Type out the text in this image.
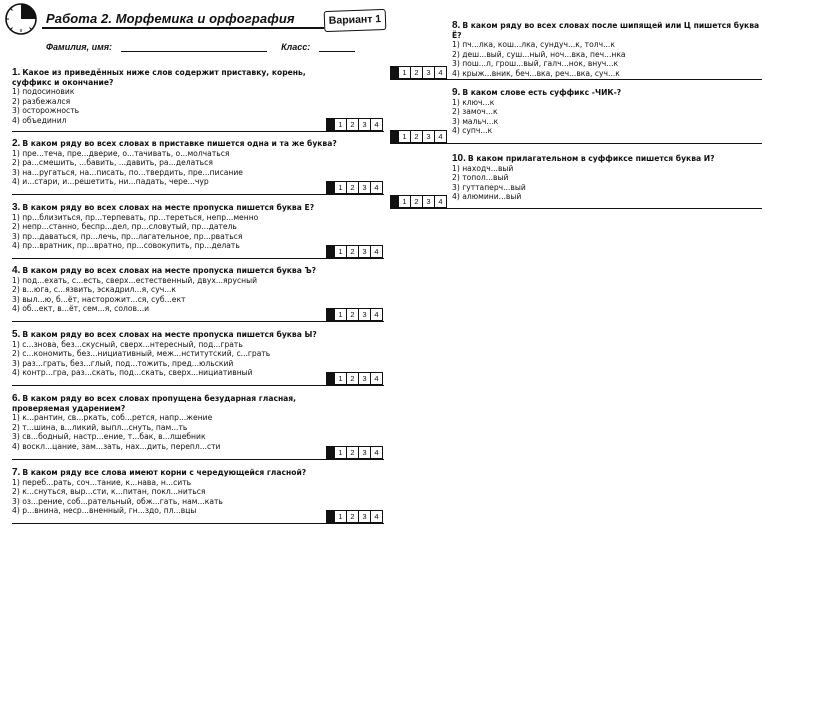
Работа 2. Морфемика и орфография	Вариант 1
Фамилия, имя:	Класс:
1. Какое из приведённых ниже слов содержит приставку, корень, суффикс и окончание?
1) подосиновик
2) разбежался
3) осторожность
4) объединил	1	2	3	4
2. В каком ряду во всех словах в приставке пишется одна и та же буква?
1) пре...теча, пре...дверие, о...тачивать, о...молчаться
2) ра...смешить, ...бавить, ...давить, ра...делаться
3) на...ругаться, на...писать, по...твердить, пре...писание
4) и...стари, и...решетить, ни...падать, чере...чур
1	2	3	4
3. В каком ряду во всех словах на месте пропуска пишется буква Е?
1) пр...близиться, пр...терпевать, пр...тереться, непр...менно
2) непр...станно, беспр...дел, пр...словутый, пр...датель
3) пр...даваться, пр...лечь, пр...лагательное, пр...рваться
4) пр...вратник, пр...вратно, пр...совокупить, пр...делать
1	2	3	4
4. В каком ряду во всех словах на месте пропуска пишется буква Ъ?
1) под...ехать, с...есть, сверх...естественный, двух...ярусный
2) в...юга, с...язвить, эскадрил...я, суч...к
3) выл...ю, б...ёт, насторожит...ся, суб...ект
4) об...ект, в...ёт, сем...я, солов...и
1	2	3	4
5. В каком ряду во всех словах на месте пропуска пишется буква Ы?
1) с...знова, без...скусный, сверх...нтересный, под...грать
2) с...кономить, без...нициативный, меж...нститутский, с...грать
3) раз...грать, без...глый, под...тожить, пред...юльский
4) контр...гра, раз...скать, под...скать, сверх...нициативный
1	2	3	4
6. В каком ряду во всех словах пропущена безударная гласная, проверяемая ударением?
1) к...рантин, св...ркать, соб...рется, напр...жение
2) т...шина, в...ликий, выпл...снуть, пам...ть
3) св...бодный, настр...ение, т...бак, в...лшебник
4) воскл...цание, зам...зать, нах...дить, перепл...сти
1	2	3	4
7. В каком ряду все слова имеют корни с чередующейся гласной?
1) переб...рать, соч...тание, к...нава, н...сить
2) к...снуться, выр...сти, к...питан, покл...ниться
3) оз...рение, соб...рательный, обж...гать, нам...кать
4) р...внина, неср...вненный, гн...здо, пл...вцы
1	2	3	4
1	2	3	4
8. В каком ряду во всех словах после шипящей или Ц пишется буква Ё?
1) пч...лка, кош...лка, сундуч...к, толч...к
2) деш...вый, суш...ный, ноч...вка, печ...нка
3) пош...л, грош...вый, галч...нок, внуч...к
4) крыж...вник, беч...вка, реч...вка, суч...к
9. В каком слове есть суффикс -ЧИК-?
1) ключ...к
2) замоч...к
3) мальч...к
4) супч...к
1	2	3	4
10. В каком прилагательном в суффиксе пишется буква И?
1) находч...вый
2) топол...вый
3) гуттаперч...вый
4) алюмини...вый
1	2	3	4
